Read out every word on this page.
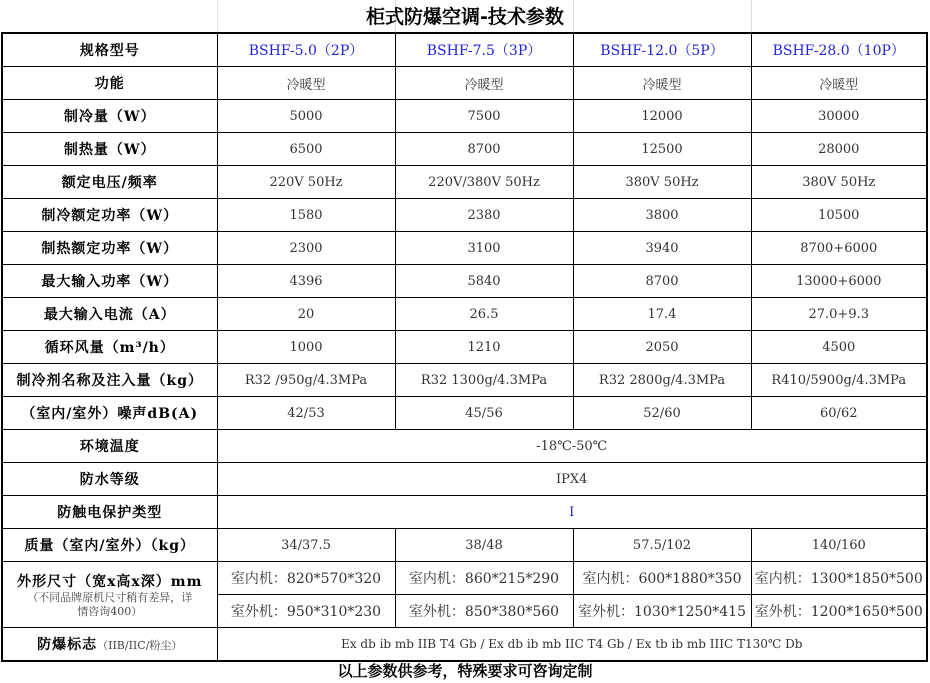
柜式防爆空调-技术参数
规格型号	BSHF-5.0（2P）	BSHF-7.5（3P）	BSHF-12.0（5P）	BSHF-28.0（10P）
功能	冷暖型	冷暖型	冷暖型	冷暖型
制冷量（W）	5000	7500	12000	30000
制热量（W）	6500	8700	12500	28000
额定电压/频率	220V 50Hz	220V/380V 50Hz	380V 50Hz	380V 50Hz
制冷额定功率（W）	1580	2380	3800	10500
制热额定功率（W）	2300	3100	3940	8700+6000
最大输入功率（W）	4396	5840	8700	13000+6000
最大输入电流（A）	20	26.5	17.4	27.0+9.3
循环风量（m³/h）	1000	1210	2050	4500
制冷剂名称及注入量（kg）	R32 /950g/4.3MPa	R32 1300g/4.3MPa	R32 2800g/4.3MPa	R410/5900g/4.3MPa
（室内/室外）噪声dB(A)	42/53	45/56	52/60	60/62
环境温度	-18℃-50℃			
防水等级	IPX4			
防触电保护类型	I			
质量（室内/室外）（kg）	34/37.5	38/48	57.5/102	140/160

外形尺寸（宽x高x深）mm
（不同品牌原机尺寸稍有差异，详情咨询400）	室内机：820*570*320	室内机：860*215*290	室内机：600*1880*350	室内机：1300*1850*500
	室外机：950*310*230	室外机：850*380*560	室外机：1030*1250*415	室外机：1200*1650*500
防爆标志（IIB/IIC/粉尘）	Ex db ib mb IIB T4 Gb / Ex db ib mb IIC T4 Gb / Ex tb ib mb IIIC T130℃ Db			
以上参数供参考，特殊要求可咨询定制
